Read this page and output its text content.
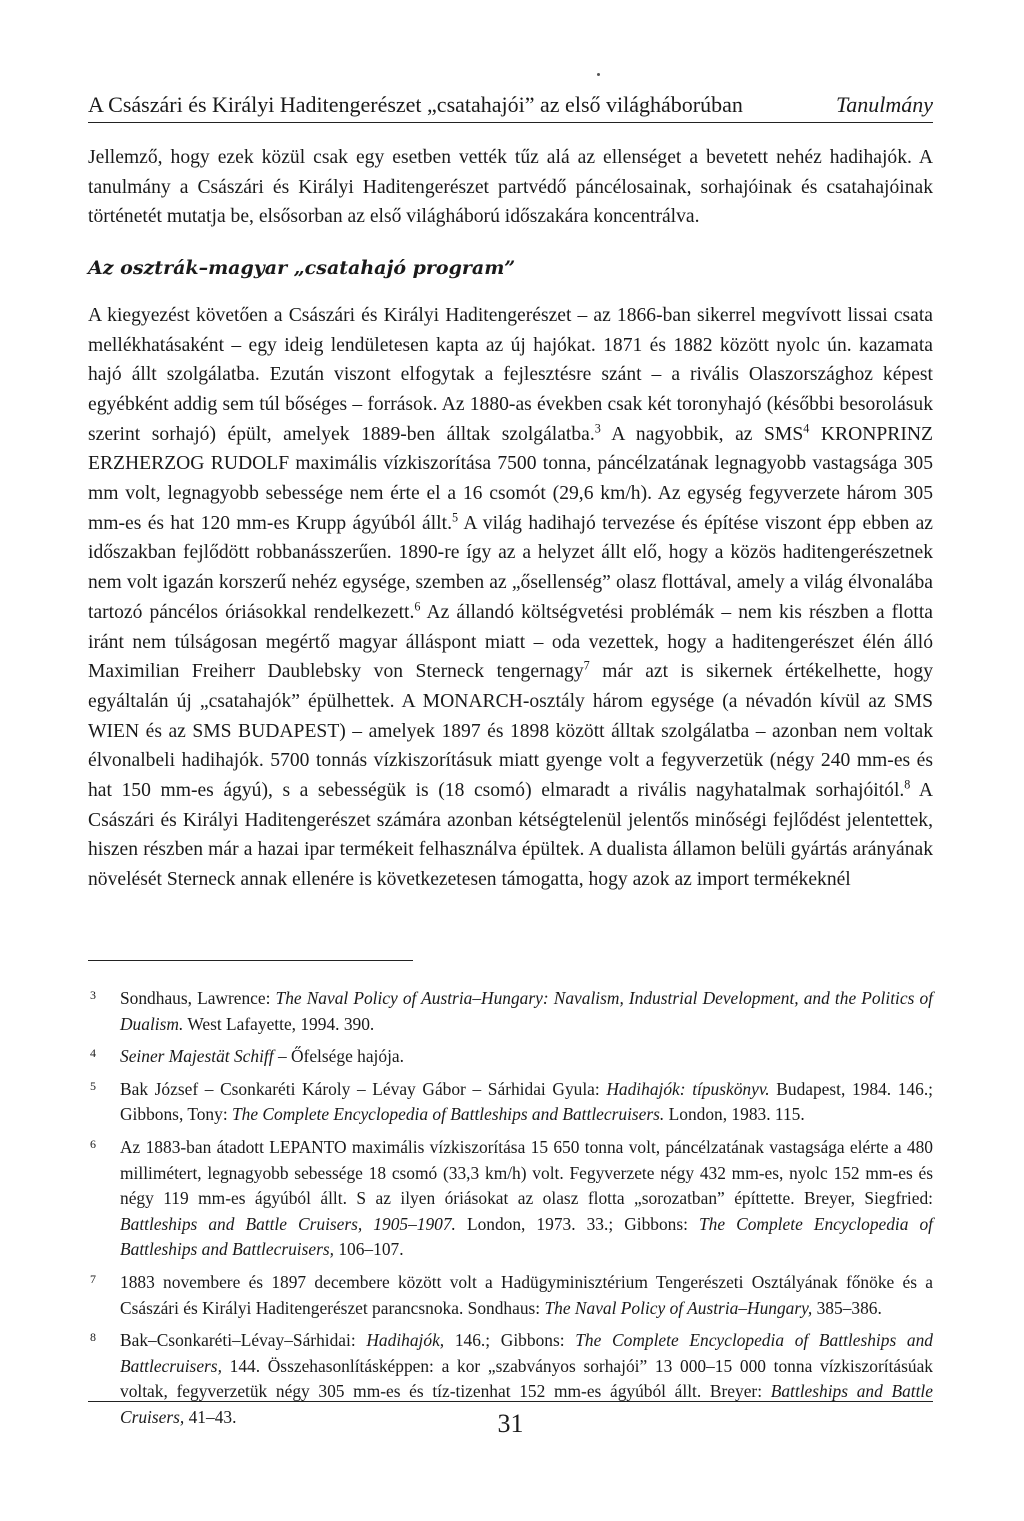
A Császári és Királyi Haditengerészet „csatahajói” az első világháborúban	Tanulmány

Jellemző, hogy ezek közül csak egy esetben vették tűz alá az ellenséget a bevetett nehéz hadihajók. A tanulmány a Császári és Királyi Haditengerészet partvédő páncélosainak, sorhajóinak és csatahajóinak történetét mutatja be, elsősorban az első világháború időszakára koncentrálva.

Az osztrák–magyar „csatahajó program”

A kiegyezést követően a Császári és Királyi Haditengerészet – az 1866-ban sikerrel megvívott lissai csata mellékhatásaként – egy ideig lendületesen kapta az új hajókat. 1871 és 1882 között nyolc ún. kazamata hajó állt szolgálatba. Ezután viszont elfogytak a fejlesztésre szánt – a rivális Olaszországhoz képest egyébként addig sem túl bőséges – források. Az 1880-as években csak két toronyhajó (későbbi besorolásuk szerint sorhajó) épült, amelyek 1889-ben álltak szolgálatba.$^3$ A nagyobbik, az SMS$^4$ KRONPRINZ ERZHERZOG RUDOLF maximális vízkiszorítása 7500 tonna, páncélzatának legnagyobb vastagsága 305 mm volt, legnagyobb sebessége nem érte el a 16 csomót (29,6 km/h). Az egység fegyverzete három 305 mm-es és hat 120 mm-es Krupp ágyúból állt.$^5$ A világ hadihajó tervezése és építése viszont épp ebben az időszakban fejlődött robbanásszerűen. 1890-re így az a helyzet állt elő, hogy a közös haditengerészetnek nem volt igazán korszerű nehéz egysége, szemben az „ősellenség” olasz flottával, amely a világ élvonalába tartozó páncélos óriásokkal rendelkezett.$^6$ Az állandó költségvetési problémák – nem kis részben a flotta iránt nem túlságosan megértő magyar álláspont miatt – oda vezettek, hogy a haditengerészet élén álló Maximilian Freiherr Daublebsky von Sterneck tengernagy$^7$ már azt is sikernek értékelhette, hogy egyáltalán új „csatahajók” épülhettek. A MONARCH-osztály három egysége (a névadón kívül az SMS WIEN és az SMS BUDAPEST) – amelyek 1897 és 1898 között álltak szolgálatba – azonban nem voltak élvonalbeli hadihajók. 5700 tonnás vízkiszorításuk miatt gyenge volt a fegyverzetük (négy 240 mm-es és hat 150 mm-es ágyú), s a sebességük is (18 csomó) elmaradt a rivális nagyhatalmak sorhajóitól.$^8$ A Császári és Királyi Haditengerészet számára azonban kétségtelenül jelentős minőségi fejlődést jelentettek, hiszen részben már a hazai ipar termékeit felhasználva épültek. A dualista államon belüli gyártás arányának növelését Sterneck annak ellenére is következetesen támogatta, hogy azok az import termékeknél

3 Sondhaus, Lawrence: The Naval Policy of Austria–Hungary: Navalism, Industrial Development, and the Politics of Dualism. West Lafayette, 1994. 390.
4 Seiner Majestät Schiff – Őfelsége hajója.
5 Bak József – Csonkaréti Károly – Lévay Gábor – Sárhidai Gyula: Hadihajók: típuskönyv. Budapest, 1984. 146.; Gibbons, Tony: The Complete Encyclopedia of Battleships and Battlecruisers. London, 1983. 115.
6 Az 1883-ban átadott LEPANTO maximális vízkiszorítása 15 650 tonna volt, páncélzatának vastagsága elérte a 480 millimétert, legnagyobb sebessége 18 csomó (33,3 km/h) volt. Fegyverzete négy 432 mm-es, nyolc 152 mm-es és négy 119 mm-es ágyúból állt. S az ilyen óriásokat az olasz flotta „sorozatban” építtette. Breyer, Siegfried: Battleships and Battle Cruisers, 1905–1907. London, 1973. 33.; Gibbons: The Complete Encyclopedia of Battleships and Battlecruisers, 106–107.
7 1883 novembere és 1897 decembere között volt a Hadügyminisztérium Tengerészeti Osztályának főnöke és a Császári és Királyi Haditengerészet parancsnoka. Sondhaus: The Naval Policy of Austria–Hungary, 385–386.
8 Bak–Csonkaréti–Lévay–Sárhidai: Hadihajók, 146.; Gibbons: The Complete Encyclopedia of Battleships and Battlecruisers, 144. Összehasonlításképpen: a kor „szabványos sorhajói” 13 000–15 000 tonna vízkiszorításúak voltak, fegyverzetük négy 305 mm-es és tíz-tizenhat 152 mm-es ágyúból állt. Breyer: Battleships and Battle Cruisers, 41–43.	31
